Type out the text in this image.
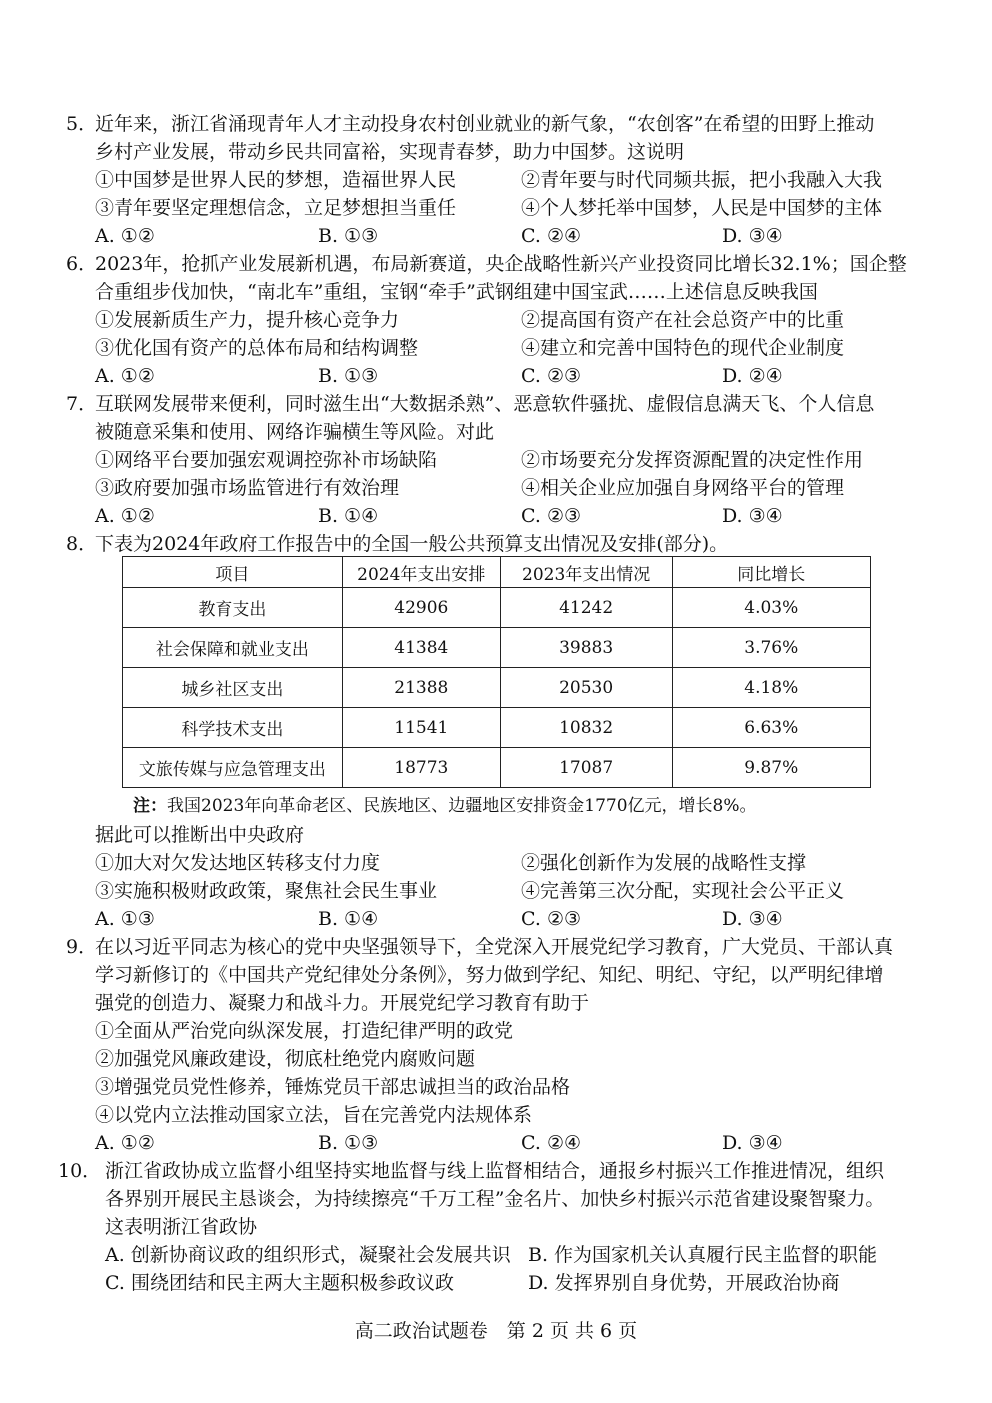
5．
近年来，浙江省涌现青年人才主动投身农村创业就业的新气象，“农创客”在希望的田野上推动
乡村产业发展，带动乡民共同富裕，实现青春梦，助力中国梦。这说明
①中国梦是世界人民的梦想，造福世界人民	②青年要与时代同频共振，把小我融入大我
③青年要坚定理想信念，立足梦想担当重任	④个人梦托举中国梦，人民是中国梦的主体
A. ①②	B. ①③	C. ②④	D. ③④
6．
2023年，抢抓产业发展新机遇，布局新赛道，央企战略性新兴产业投资同比增长32.1%；国企整
合重组步伐加快，“南北车”重组，宝钢“牵手”武钢组建中国宝武……上述信息反映我国
①发展新质生产力，提升核心竞争力	②提高国有资产在社会总资产中的比重
③优化国有资产的总体布局和结构调整	④建立和完善中国特色的现代企业制度
A. ①②	B. ①③	C. ②③	D. ②④
7．
互联网发展带来便利，同时滋生出“大数据杀熟”、恶意软件骚扰、虚假信息满天飞、个人信息
被随意采集和使用、网络诈骗横生等风险。对此
①网络平台要加强宏观调控弥补市场缺陷	②市场要充分发挥资源配置的决定性作用
③政府要加强市场监管进行有效治理	④相关企业应加强自身网络平台的管理
A. ①②	B. ①④	C. ②③	D. ③④
8．
下表为2024年政府工作报告中的全国一般公共预算支出情况及安排(部分)。
项目	2024年支出安排	2023年支出情况	同比增长
教育支出	42906	41242	4.03%
社会保障和就业支出	41384	39883	3.76%
城乡社区支出	21388	20530	4.18%
科学技术支出	11541	10832	6.63%
文旅传媒与应急管理支出	18773	17087	9.87%
注：我国2023年向革命老区、民族地区、边疆地区安排资金1770亿元，增长8%。
据此可以推断出中央政府
①加大对欠发达地区转移支付力度	②强化创新作为发展的战略性支撑
③实施积极财政政策，聚焦社会民生事业	④完善第三次分配，实现社会公平正义
A. ①③	B. ①④	C. ②③	D. ③④
9．
在以习近平同志为核心的党中央坚强领导下，全党深入开展党纪学习教育，广大党员、干部认真
学习新修订的《中国共产党纪律处分条例》，努力做到学纪、知纪、明纪、守纪，以严明纪律增
强党的创造力、凝聚力和战斗力。开展党纪学习教育有助于
①全面从严治党向纵深发展，打造纪律严明的政党
②加强党风廉政建设，彻底杜绝党内腐败问题
③增强党员党性修养，锤炼党员干部忠诚担当的政治品格
④以党内立法推动国家立法，旨在完善党内法规体系
A. ①②	B. ①③	C. ②④	D. ③④
10． 浙江省政协成立监督小组坚持实地监督与线上监督相结合，通报乡村振兴工作推进情况，组织
各界别开展民主恳谈会，为持续擦亮“千万工程”金名片、加快乡村振兴示范省建设聚智聚力。
这表明浙江省政协
A. 创新协商议政的组织形式，凝聚社会发展共识 B. 作为国家机关认真履行民主监督的职能
C. 围绕团结和民主两大主题积极参政议政	D. 发挥界别自身优势，开展政治协商
高二政治试题卷　第 2 页 共 6 页
